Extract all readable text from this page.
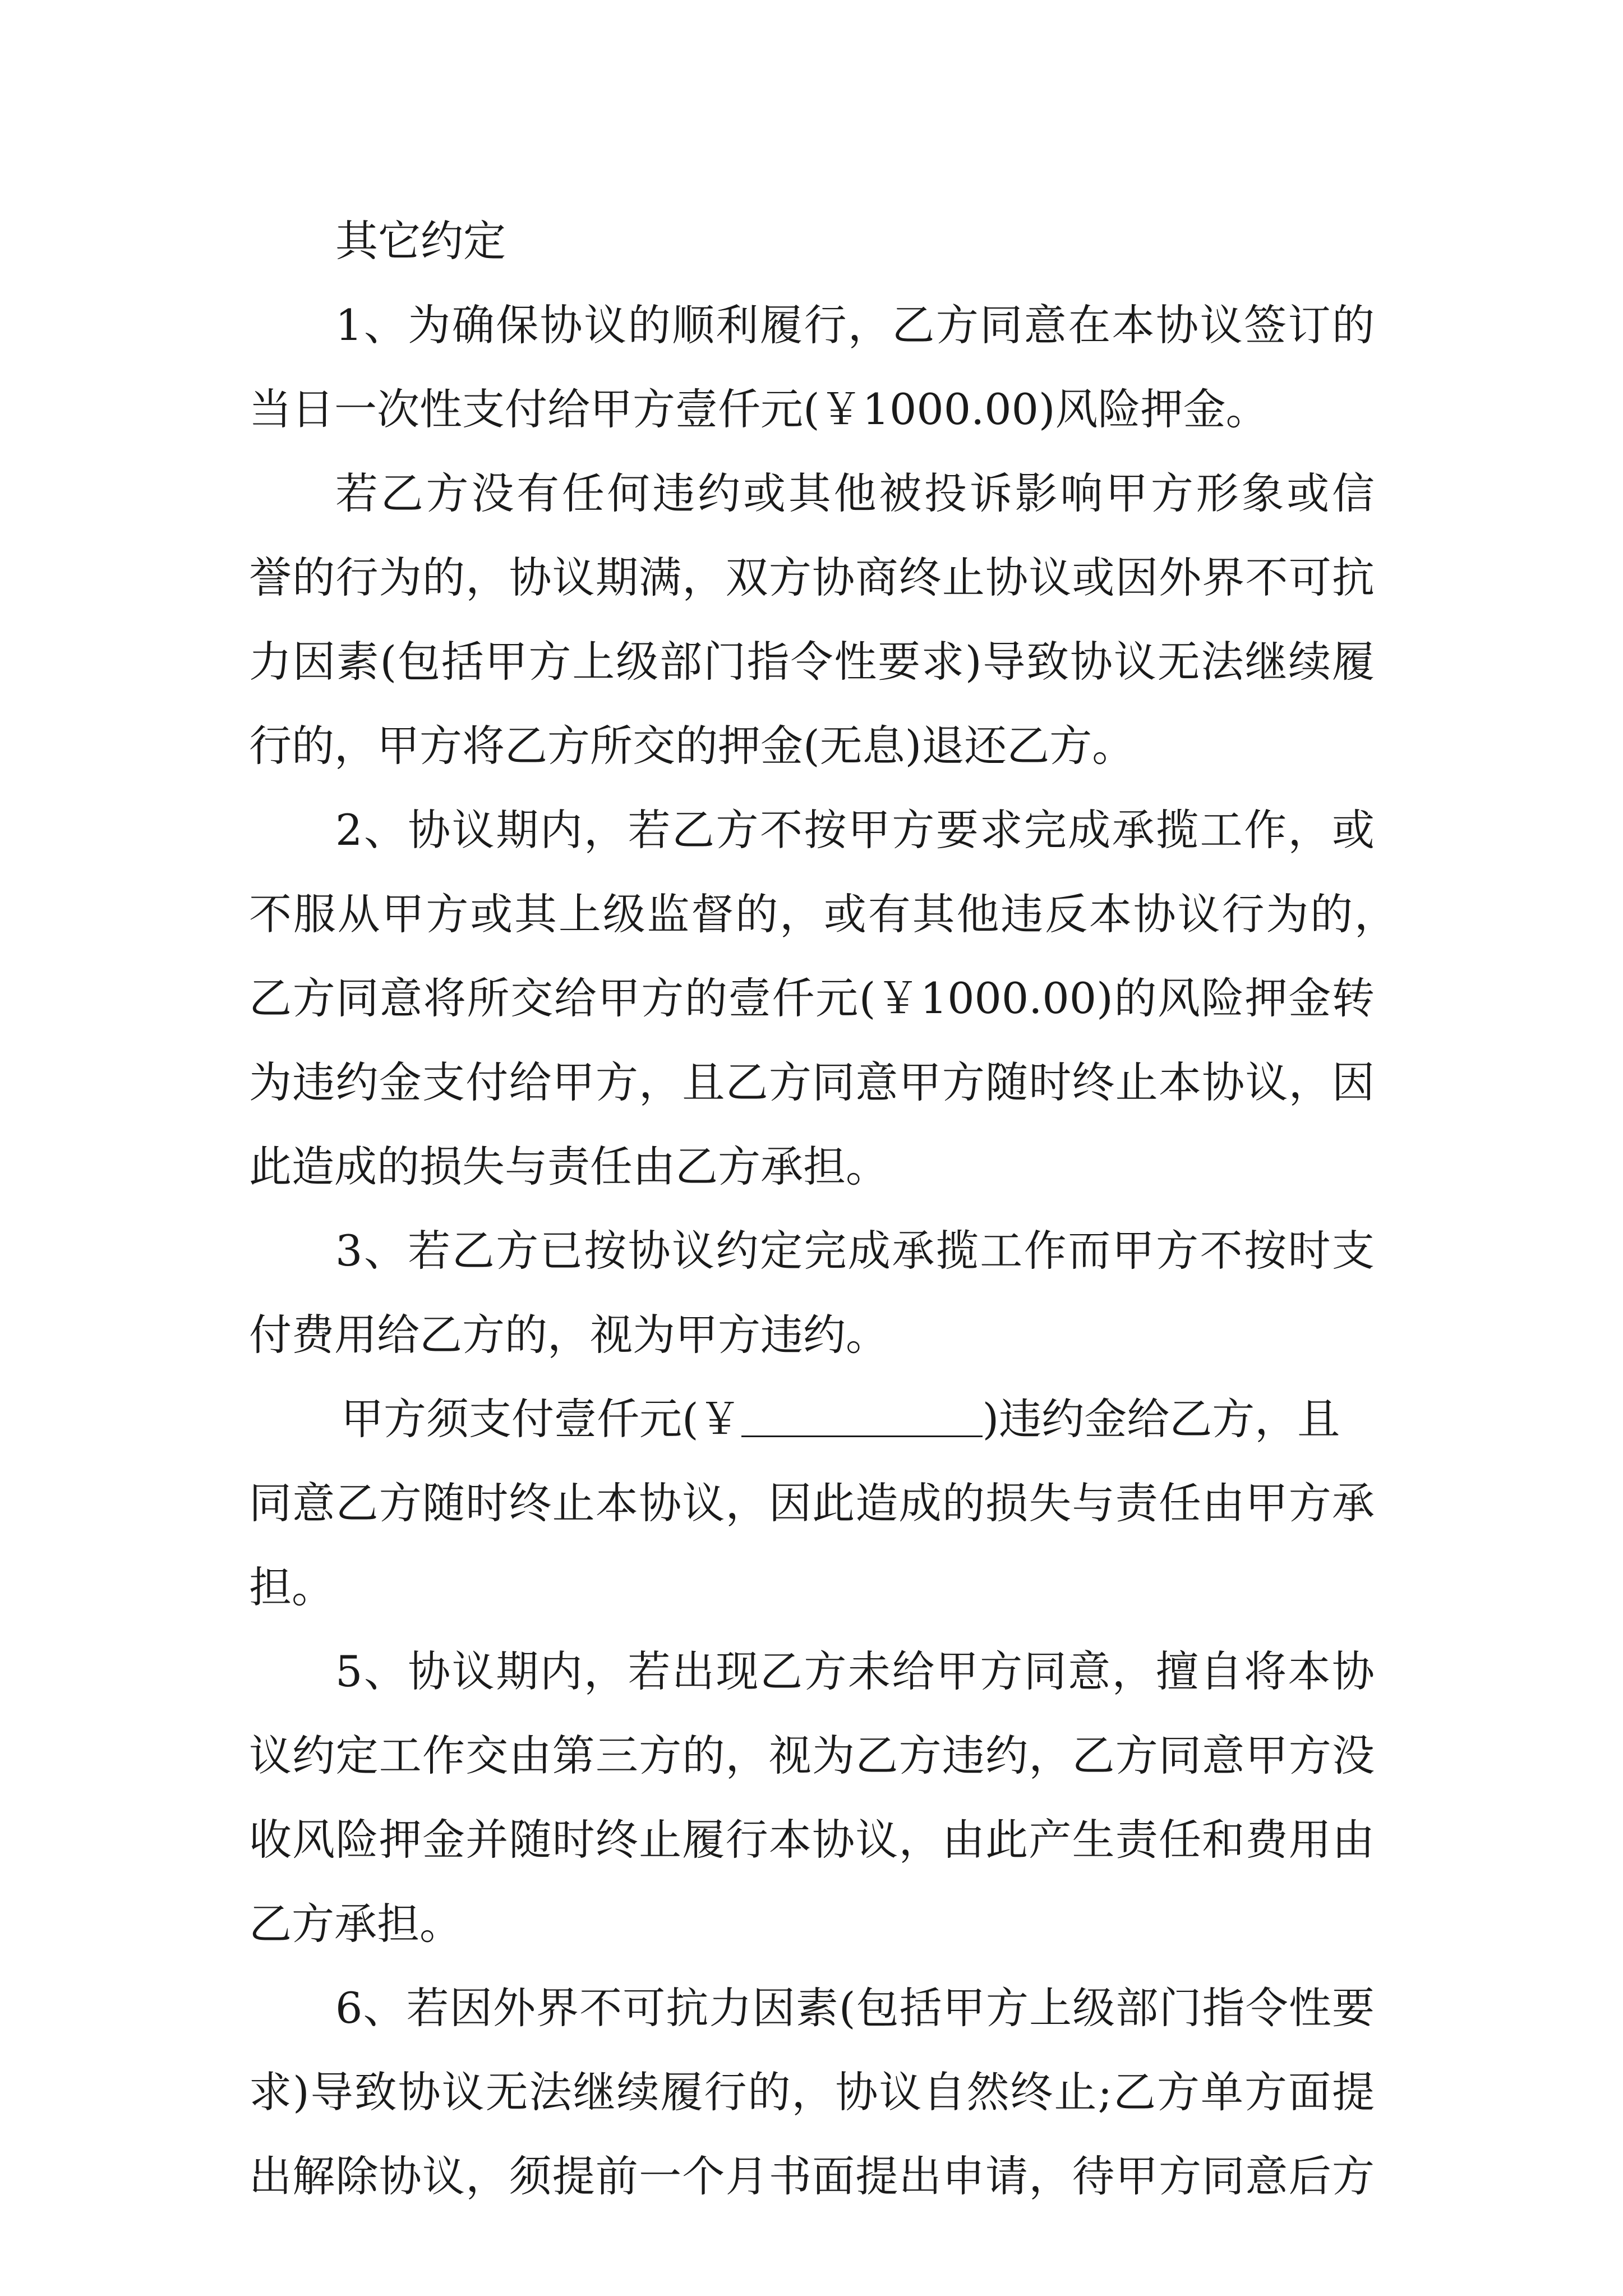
其它约定
1、为确保协议的顺利履行，乙方同意在本协议签订的
当日一次性支付给甲方壹仟元(￥1000.00)风险押金。
若乙方没有任何违约或其他被投诉影响甲方形象或信
誉的行为的，协议期满，双方协商终止协议或因外界不可抗
力因素(包括甲方上级部门指令性要求)导致协议无法继续履
行的，甲方将乙方所交的押金(无息)退还乙方。
2、协议期内，若乙方不按甲方要求完成承揽工作，或
不服从甲方或其上级监督的，或有其他违反本协议行为的，
乙方同意将所交给甲方的壹仟元(￥1000.00)的风险押金转
为违约金支付给甲方，且乙方同意甲方随时终止本协议，因
此造成的损失与责任由乙方承担。
3、若乙方已按协议约定完成承揽工作而甲方不按时支
付费用给乙方的，视为甲方违约。
甲方须支付壹仟元(￥	)违约金给乙方，且
同意乙方随时终止本协议，因此造成的损失与责任由甲方承
担。
5、协议期内，若出现乙方未给甲方同意，擅自将本协
议约定工作交由第三方的，视为乙方违约，乙方同意甲方没
收风险押金并随时终止履行本协议，由此产生责任和费用由
乙方承担。
6、若因外界不可抗力因素(包括甲方上级部门指令性要
求)导致协议无法继续履行的，协议自然终止;乙方单方面提
出解除协议，须提前一个月书面提出申请，待甲方同意后方
